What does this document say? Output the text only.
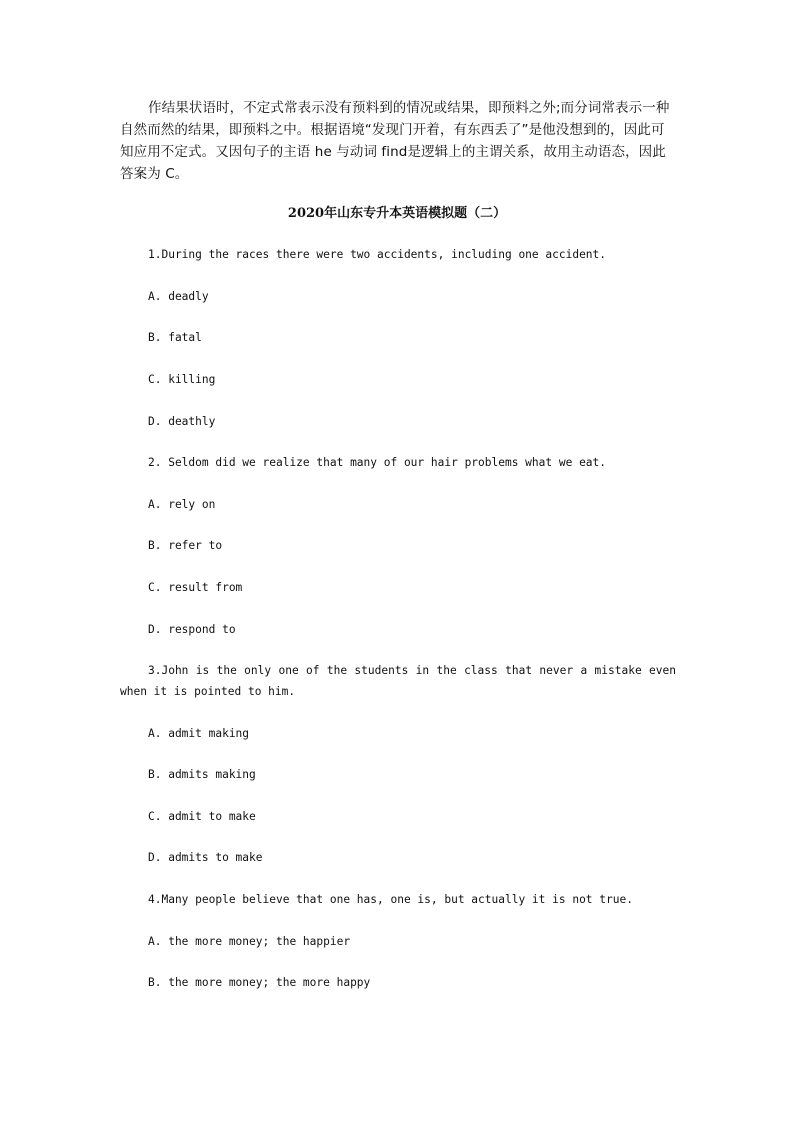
作结果状语时，不定式常表示没有预料到的情况或结果，即预料之外;而分词常表示一种自然而然的结果，即预料之中。根据语境“发现门开着，有东西丢了”是他没想到的，因此可知应用不定式。又因句子的主语 he 与动词 find是逻辑上的主谓关系，故用主动语态，因此答案为 C。

2020年山东专升本英语模拟题（二）

1.During the races there were two accidents, including one accident.

A. deadly

B. fatal

C. killing

D. deathly

2. Seldom did we realize that many of our hair problems what we eat.

A. rely on

B. refer to

C. result from

D. respond to

3.John is the only one of the students in the class that never a mistake even when it is pointed to him.

A. admit making

B. admits making

C. admit to make

D. admits to make

4.Many people believe that one has, one is, but actually it is not true.

A. the more money; the happier

B. the more money; the more happy
